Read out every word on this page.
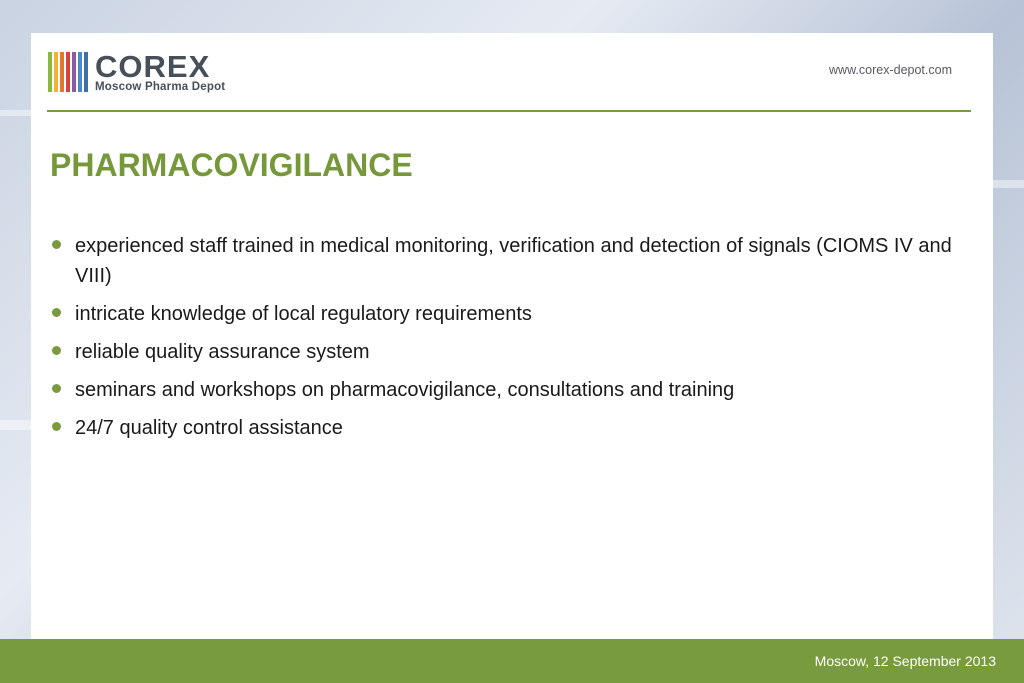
COREX
Moscow Pharma Depot
www.corex-depot.com
PHARMACOVIGILANCE
experienced staff trained in medical monitoring, verification and detection of signals (CIOMS IV and VIII)
intricate knowledge of local regulatory requirements
reliable quality assurance system
seminars and workshops on pharmacovigilance, consultations and training
24/7 quality control assistance
Moscow, 12 September 2013
